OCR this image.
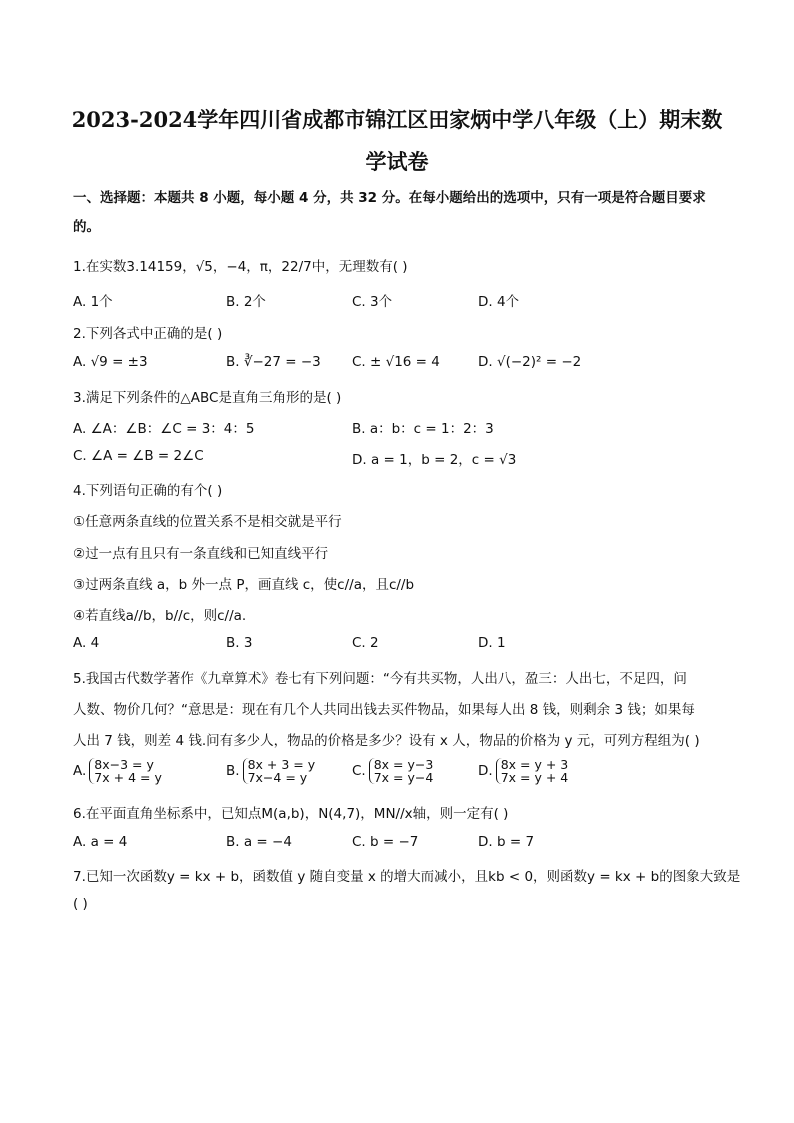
2023-2024学年四川省成都市锦江区田家炳中学八年级（上）期末数
学试卷
一、选择题：本题共 8 小题，每小题 4 分，共 32 分。在每小题给出的选项中，只有一项是符合题目要求
的。
1.在实数3.14159，√5，−4，π，22/7中，无理数有( )
A. 1个	B. 2个	C. 3个	D. 4个
2.下列各式中正确的是( )
A. √9 = ±3	B. ∛−27 = −3 C. ± √16 = 4	D. √(−2)² = −2
3.满足下列条件的△ABC是直角三角形的是( )
A. ∠A：∠B：∠C = 3：4：5	B. a：b：c = 1：2：3
C. ∠A = ∠B = 2∠C	D. a = 1，b = 2，c = √3
4.下列语句正确的有个( )
①任意两条直线的位置关系不是相交就是平行
②过一点有且只有一条直线和已知直线平行
③过两条直线 a，b 外一点 P，画直线 c，使c//a，且c//b
④若直线a//b，b//c，则c//a.
A. 4	B. 3	C. 2	D. 1
5.我国古代数学著作《九章算术》卷七有下列问题：“今有共买物，人出八，盈三：人出七，不足四，问
人数、物价几何？“意思是：现在有几个人共同出钱去买件物品，如果每人出 8 钱，则剩余 3 钱；如果每
人出 7 钱，则差 4 钱.问有多少人，物品的价格是多少？设有 x 人，物品的价格为 y 元，可列方程组为( )
A. 8x−3 = y
7x + 4 = y	B. 8x + 3 = y
7x−4 = y	C. 8x = y−3
7x = y−4	D. 8x = y + 3
7x = y + 4
6.在平面直角坐标系中，已知点M(a,b)，N(4,7)，MN//x轴，则一定有( )
A. a = 4	B. a = −4	C. b = −7	D. b = 7
7.已知一次函数y = kx + b，函数值 y 随自变量 x 的增大而减小，且kb < 0，则函数y = kx + b的图象大致是
( )
